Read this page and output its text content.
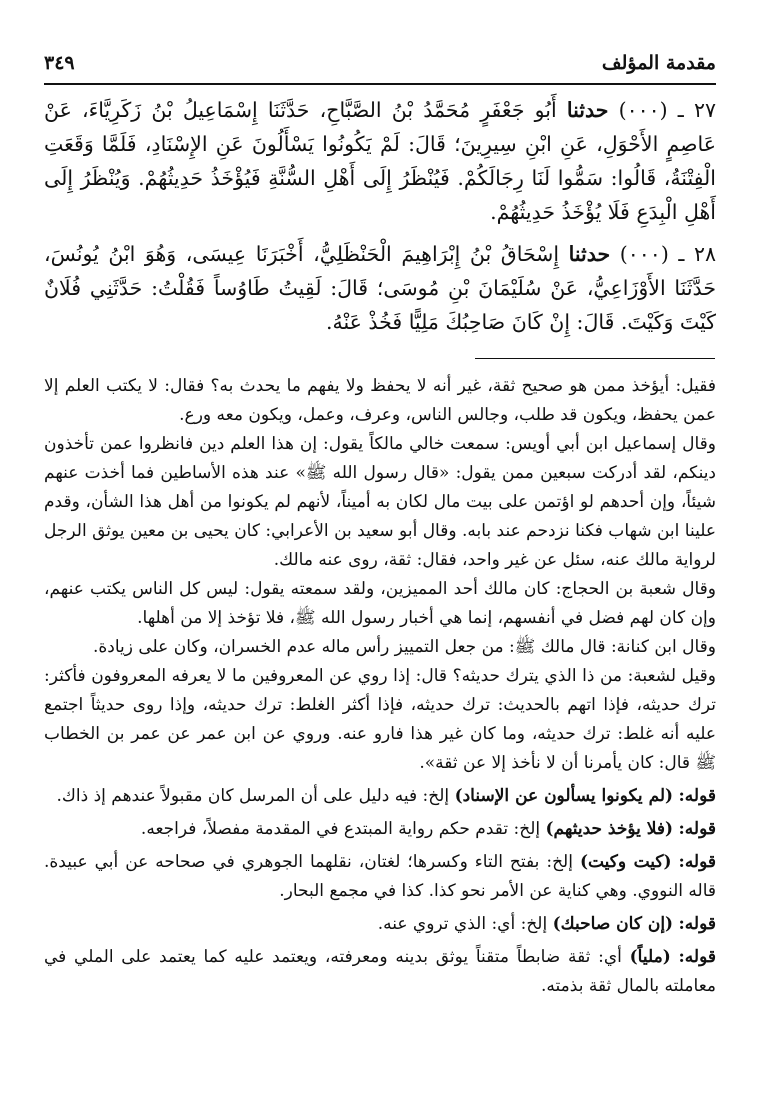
مقدمة المؤلف
٣٤٩

٢٧ ـ (٠٠٠) حدثنا أَبُو جَعْفَرٍ مُحَمَّدُ بْنُ الصَّبَّاحِ، حَدَّثَنَا إِسْمَاعِيلُ بْنُ زَكَرِيَّاءَ، عَنْ عَاصِمٍ الأَحْوَلِ، عَنِ ابْنِ سِيرِينَ؛ قَالَ: لَمْ يَكُونُوا يَسْأَلُونَ عَنِ الإِسْنَادِ، فَلَمَّا وَقَعَتِ الْفِتْنَةُ، قَالُوا: سَمُّوا لَنَا رِجَالَكُمْ. فَيُنْظَرُ إِلَى أَهْلِ السُّنَّةِ فَيُؤْخَذُ حَدِيثُهُمْ. وَيُنْظَرُ إِلَى أَهْلِ الْبِدَعِ فَلَا يُؤْخَذُ حَدِيثُهُمْ.

٢٨ ـ (٠٠٠) حدثنا إِسْحَاقُ بْنُ إِبْرَاهِيمَ الْحَنْظَلِيُّ، أَخْبَرَنَا عِيسَى، وَهُوَ ابْنُ يُونُسَ، حَدَّثَنَا الأَوْزَاعِيُّ، عَنْ سُلَيْمَانَ بْنِ مُوسَى؛ قَالَ: لَقِيتُ طَاوُساً فَقُلْتُ: حَدَّثَنِي فُلَانٌ كَيْتَ وَكَيْتَ. قَالَ: إِنْ كَانَ صَاحِبُكَ مَلِيًّا فَخُذْ عَنْهُ.

فقيل: أيؤخذ ممن هو صحيح ثقة، غير أنه لا يحفظ ولا يفهم ما يحدث به؟ فقال: لا يكتب العلم إلا عمن يحفظ، ويكون قد طلب، وجالس الناس، وعرف، وعمل، ويكون معه ورع.

وقال إسماعيل ابن أبي أويس: سمعت خالي مالكاً يقول: إن هذا العلم دين فانظروا عمن تأخذون دينكم، لقد أدركت سبعين ممن يقول: «قال رسول الله ﷺ» عند هذه الأساطين فما أخذت عنهم شيئاً، وإن أحدهم لو اؤتمن على بيت مال لكان به أميناً، لأنهم لم يكونوا من أهل هذا الشأن، وقدم علينا ابن شهاب فكنا نزدحم عند بابه. وقال أبو سعيد بن الأعرابي: كان يحيى بن معين يوثق الرجل لرواية مالك عنه، سئل عن غير واحد، فقال: ثقة، روى عنه مالك.

وقال شعبة بن الحجاج: كان مالك أحد المميزين، ولقد سمعته يقول: ليس كل الناس يكتب عنهم، وإن كان لهم فضل في أنفسهم، إنما هي أخبار رسول الله ﷺ، فلا تؤخذ إلا من أهلها.

وقال ابن كنانة: قال مالك ﷺ: من جعل التمييز رأس ماله عدم الخسران، وكان على زيادة.

وقيل لشعبة: من ذا الذي يترك حديثه؟ قال: إذا روي عن المعروفين ما لا يعرفه المعروفون فأكثر: ترك حديثه، فإذا اتهم بالحديث: ترك حديثه، فإذا أكثر الغلط: ترك حديثه، وإذا روى حديثاً اجتمع عليه أنه غلط: ترك حديثه، وما كان غير هذا فارو عنه. وروي عن ابن عمر عن عمر بن الخطاب ﷺ قال: كان يأمرنا أن لا نأخذ إلا عن ثقة».

قوله: (لم يكونوا يسألون عن الإسناد) إلخ: فيه دليل على أن المرسل كان مقبولاً عندهم إذ ذاك.

قوله: (فلا يؤخذ حديثهم) إلخ: تقدم حكم رواية المبتدع في المقدمة مفصلاً، فراجعه.

قوله: (كيت وكيت) إلخ: بفتح التاء وكسرها؛ لغتان، نقلهما الجوهري في صحاحه عن أبي عبيدة. قاله النووي. وهي كناية عن الأمر نحو كذا. كذا في مجمع البحار.

قوله: (إن كان صاحبك) إلخ: أي: الذي تروي عنه.

قوله: (ملياً) أي: ثقة ضابطاً متقناً يوثق بدينه ومعرفته، ويعتمد عليه كما يعتمد على الملي في معاملته بالمال ثقة بذمته.
